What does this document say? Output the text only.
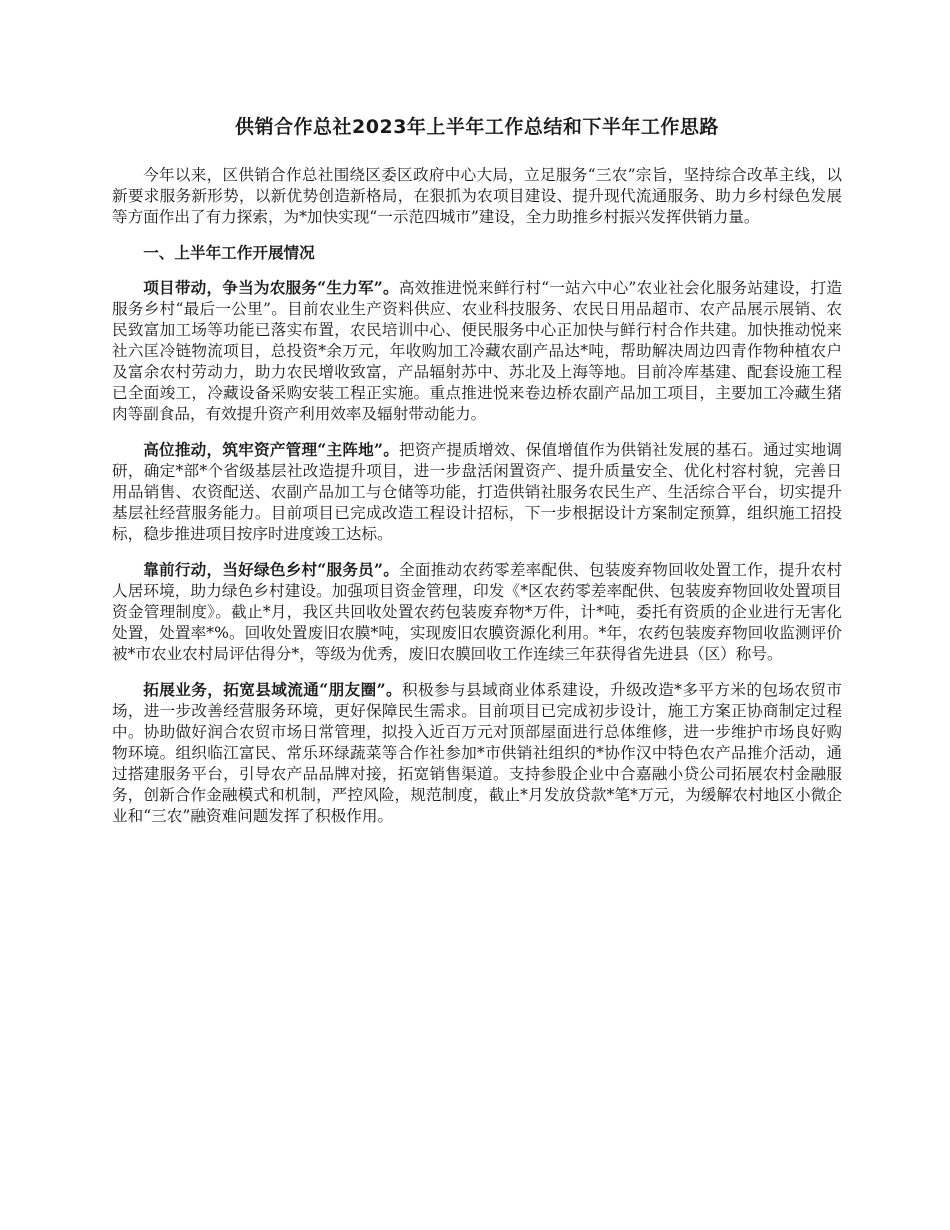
供销合作总社2023年上半年工作总结和下半年工作思路

今年以来，区供销合作总社围绕区委区政府中心大局，立足服务“三农”宗旨，坚持综合改革主线，以新要求服务新形势，以新优势创造新格局，在狠抓为农项目建设、提升现代流通服务、助力乡村绿色发展等方面作出了有力探索，为*加快实现“一示范四城市”建设，全力助推乡村振兴发挥供销力量。

一、上半年工作开展情况

项目带动，争当为农服务“生力军”。高效推进悦来鲜行村“一站六中心”农业社会化服务站建设，打造服务乡村“最后一公里”。目前农业生产资料供应、农业科技服务、农民日用品超市、农产品展示展销、农民致富加工场等功能已落实布置，农民培训中心、便民服务中心正加快与鲜行村合作共建。加快推动悦来社六匡冷链物流项目，总投资*余万元，年收购加工冷藏农副产品达*吨，帮助解决周边四青作物种植农户及富余农村劳动力，助力农民增收致富，产品辐射苏中、苏北及上海等地。目前冷库基建、配套设施工程已全面竣工，冷藏设备采购安装工程正实施。重点推进悦来卷边桥农副产品加工项目，主要加工冷藏生猪肉等副食品，有效提升资产利用效率及辐射带动能力。

高位推动，筑牢资产管理“主阵地”。把资产提质增效、保值增值作为供销社发展的基石。通过实地调研，确定*部*个省级基层社改造提升项目，进一步盘活闲置资产、提升质量安全、优化村容村貌，完善日用品销售、农资配送、农副产品加工与仓储等功能，打造供销社服务农民生产、生活综合平台，切实提升基层社经营服务能力。目前项目已完成改造工程设计招标，下一步根据设计方案制定预算，组织施工招投标，稳步推进项目按序时进度竣工达标。

靠前行动，当好绿色乡村“服务员”。全面推动农药零差率配供、包装废弃物回收处置工作，提升农村人居环境，助力绿色乡村建设。加强项目资金管理，印发《*区农药零差率配供、包装废弃物回收处置项目资金管理制度》。截止*月，我区共回收处置农药包装废弃物*万件，计*吨，委托有资质的企业进行无害化处置，处置率*%。回收处置废旧农膜*吨，实现废旧农膜资源化利用。*年，农药包装废弃物回收监测评价被*市农业农村局评估得分*，等级为优秀，废旧农膜回收工作连续三年获得省先进县（区）称号。

拓展业务，拓宽县域流通“朋友圈”。积极参与县域商业体系建设，升级改造*多平方米的包场农贸市场，进一步改善经营服务环境，更好保障民生需求。目前项目已完成初步设计，施工方案正协商制定过程中。协助做好润合农贸市场日常管理，拟投入近百万元对顶部屋面进行总体维修，进一步维护市场良好购物环境。组织临江富民、常乐环绿蔬菜等合作社参加*市供销社组织的*协作汉中特色农产品推介活动，通过搭建服务平台，引导农产品品牌对接，拓宽销售渠道。支持参股企业中合嘉融小贷公司拓展农村金融服务，创新合作金融模式和机制，严控风险，规范制度，截止*月发放贷款*笔*万元，为缓解农村地区小微企业和“三农”融资难问题发挥了积极作用。
